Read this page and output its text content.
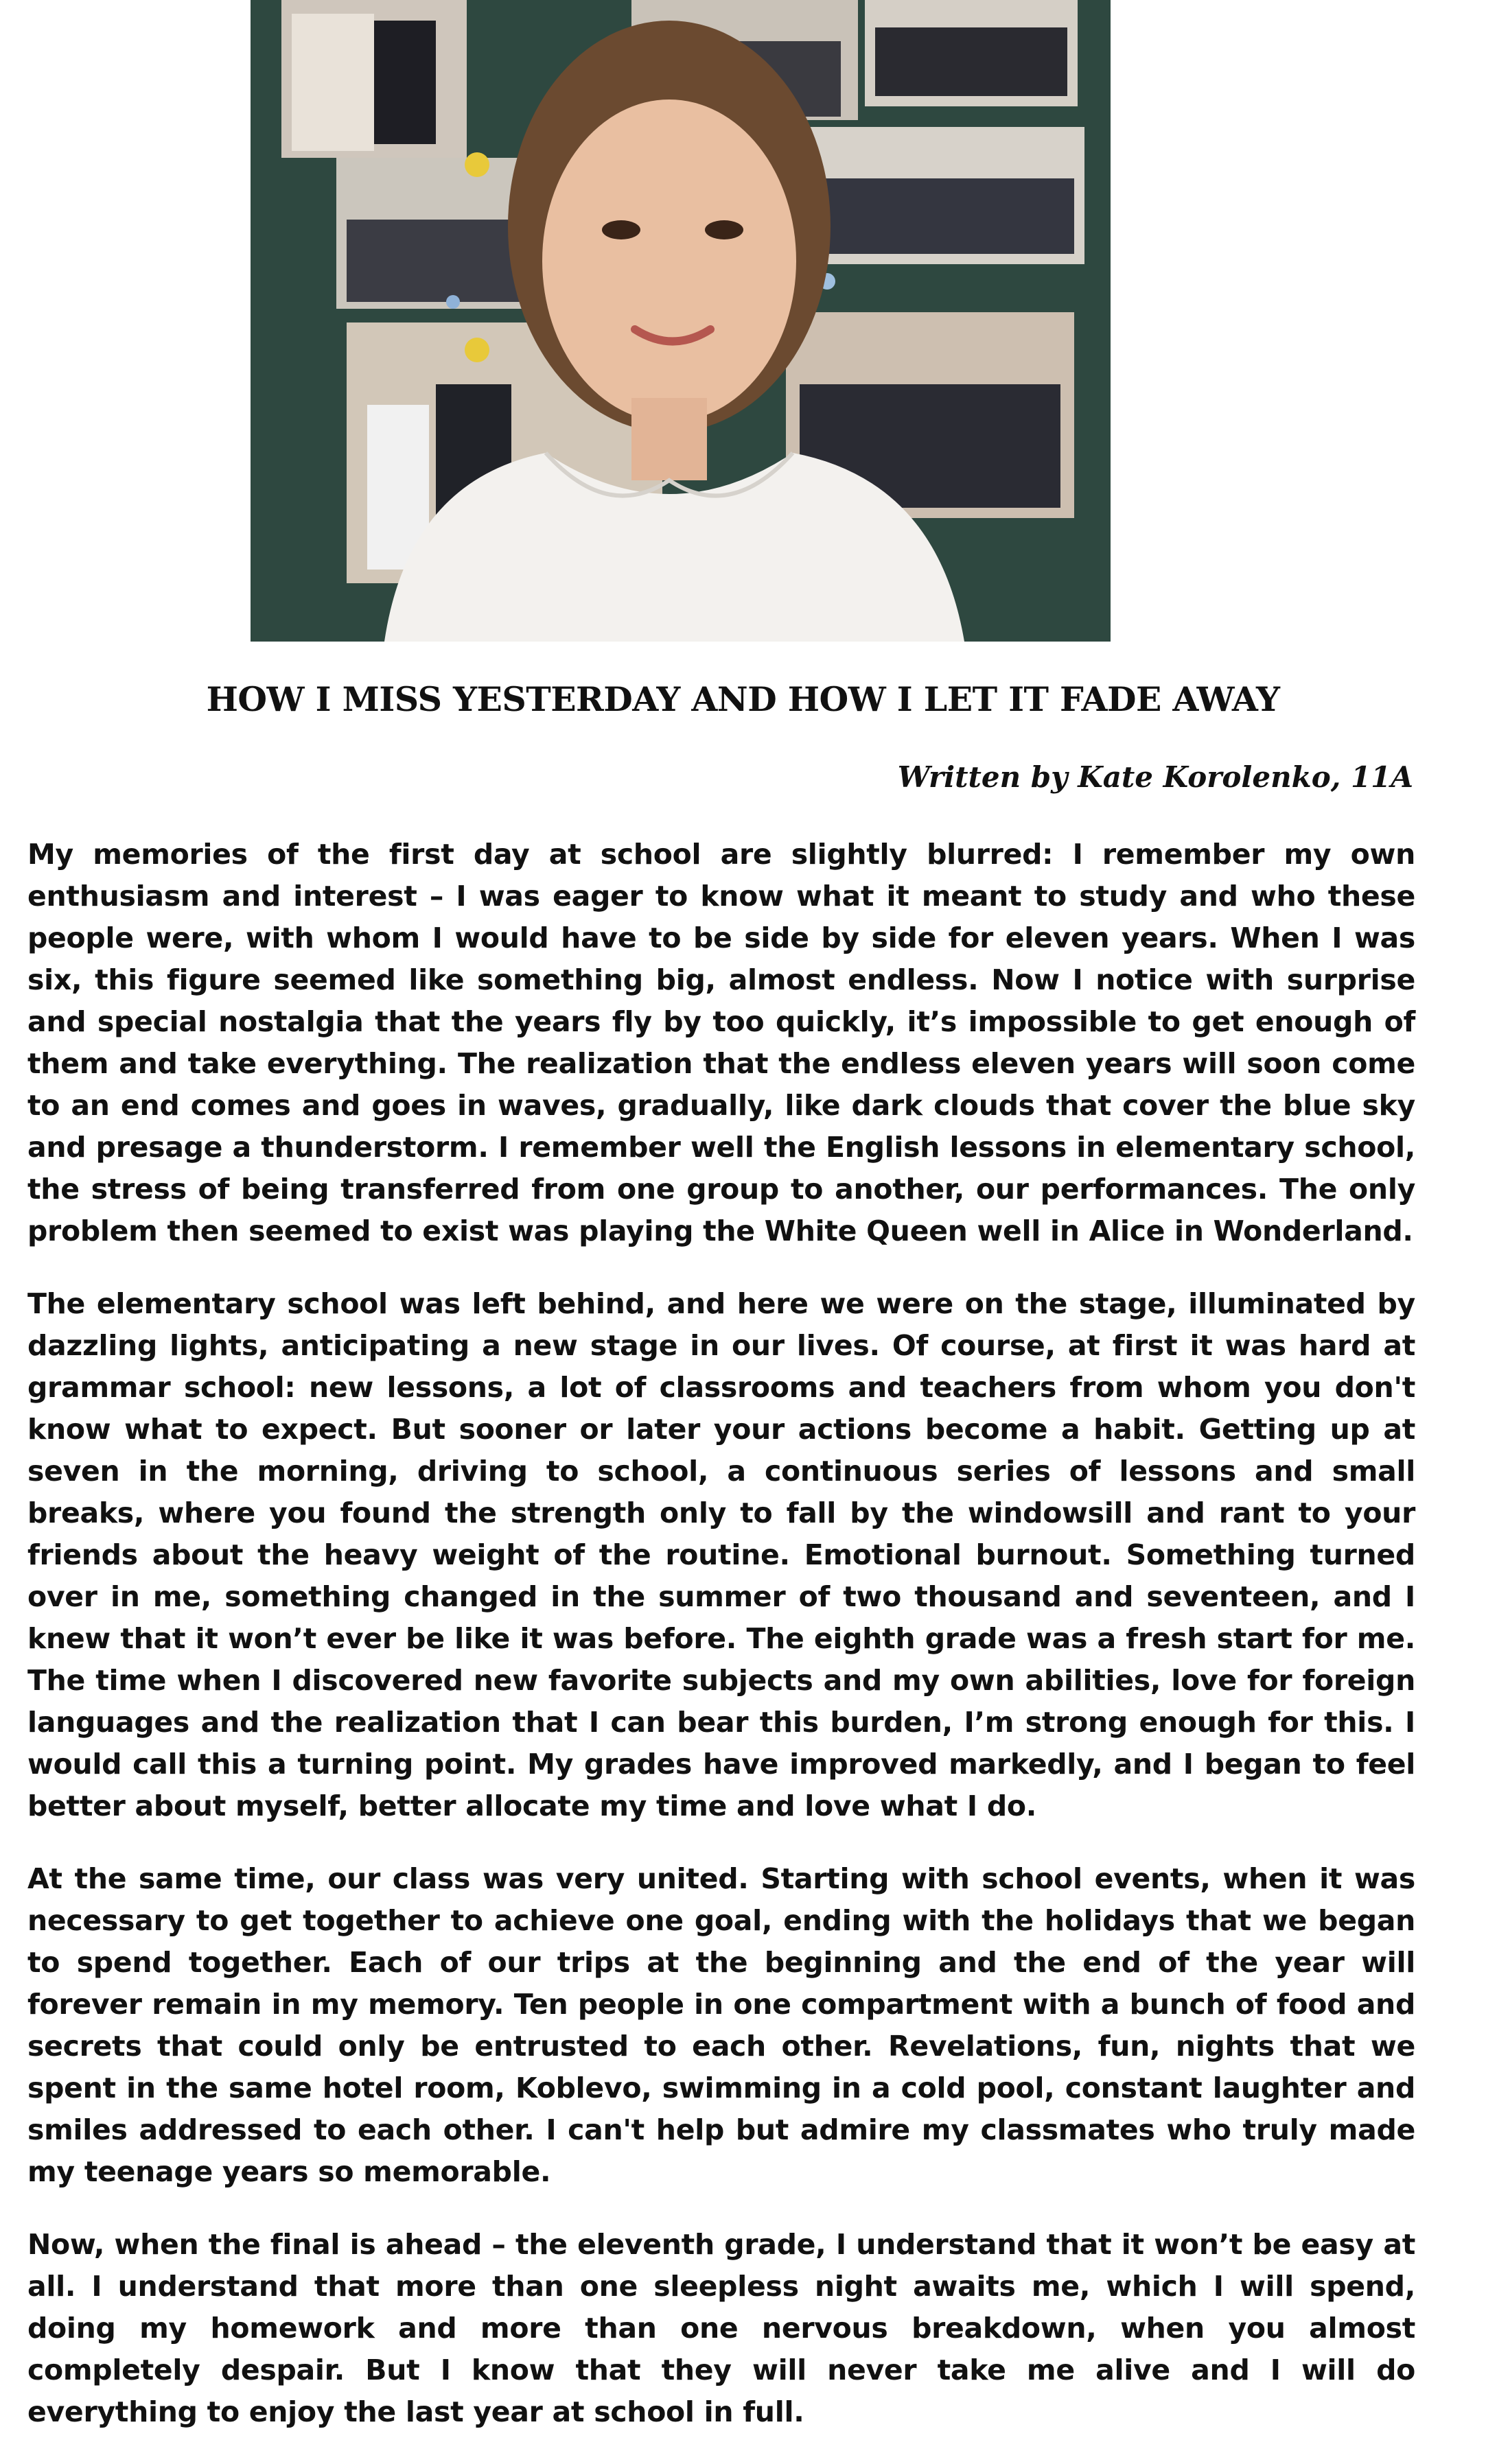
HOW I MISS YESTERDAY AND HOW I LET IT FADE AWAY

Written by Kate Korolenko, 11A

My memories of the first day at school are slightly blurred: I remember my own enthusiasm and interest – I was eager to know what it meant to study and who these people were, with whom I would have to be side by side for eleven years. When I was six, this figure seemed like something big, almost endless. Now I notice with surprise and special nostalgia that the years fly by too quickly, it’s impossible to get enough of them and take everything. The realization that the endless eleven years will soon come to an end comes and goes in waves, gradually, like dark clouds that cover the blue sky and presage a thunderstorm. I remember well the English lessons in elementary school, the stress of being transferred from one group to another, our performances. The only problem then seemed to exist was playing the White Queen well in Alice in Wonderland.

The elementary school was left behind, and here we were on the stage, illuminated by dazzling lights, anticipating a new stage in our lives. Of course, at first it was hard at grammar school: new lessons, a lot of classrooms and teachers from whom you don't know what to expect. But sooner or later your actions become a habit. Getting up at seven in the morning, driving to school, a continuous series of lessons and small breaks, where you found the strength only to fall by the windowsill and rant to your friends about the heavy weight of the routine. Emotional burnout. Something turned over in me, something changed in the summer of two thousand and seventeen, and I knew that it won’t ever be like it was before. The eighth grade was a fresh start for me. The time when I discovered new favorite subjects and my own abilities, love for foreign languages and the realization that I can bear this burden, I’m strong enough for this. I would call this a turning point. My grades have improved markedly, and I began to feel better about myself, better allocate my time and love what I do.

At the same time, our class was very united. Starting with school events, when it was necessary to get together to achieve one goal, ending with the holidays that we began to spend together. Each of our trips at the beginning and the end of the year will forever remain in my memory. Ten people in one compartment with a bunch of food and secrets that could only be entrusted to each other. Revelations, fun, nights that we spent in the same hotel room, Koblevo, swimming in a cold pool, constant laughter and smiles addressed to each other. I can't help but admire my classmates who truly made my teenage years so memorable.

Now, when the final is ahead – the eleventh grade, I understand that it won’t be easy at all. I understand that more than one sleepless night awaits me, which I will spend, doing my homework and more than one nervous breakdown, when you almost completely despair. But I know that they will never take me alive and I will do everything to enjoy the last year at school in full.
